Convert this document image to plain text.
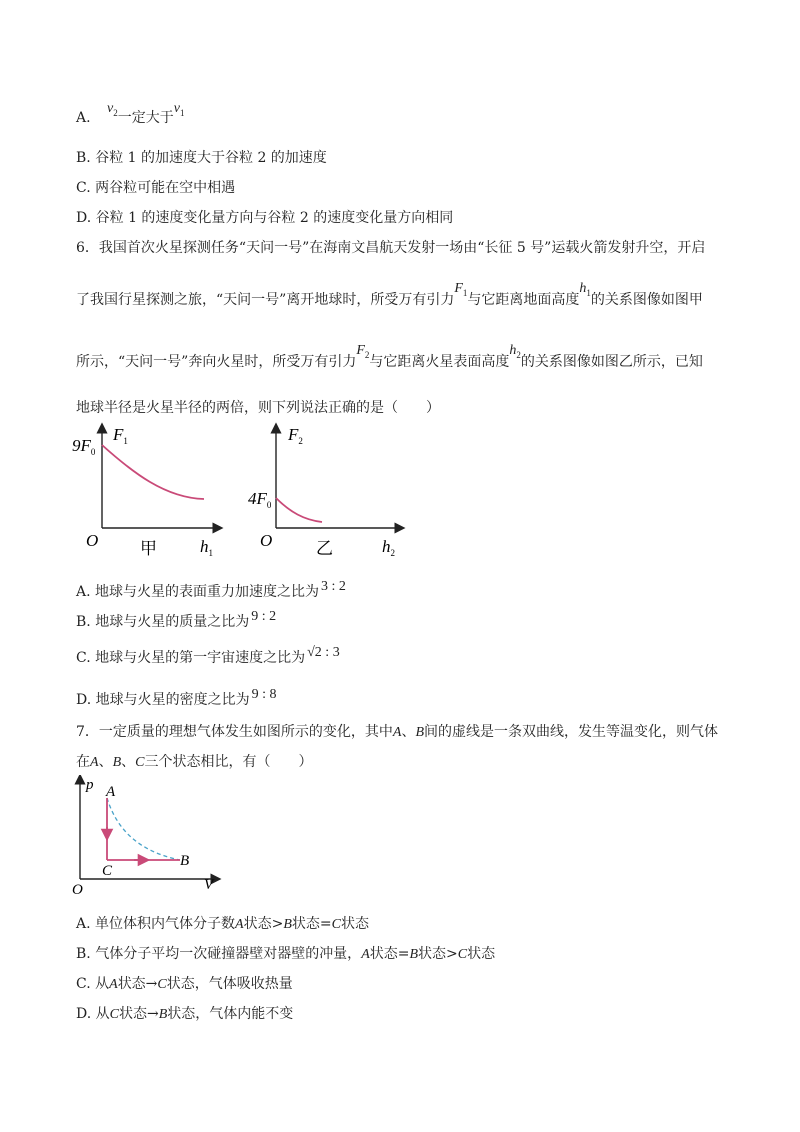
A. $v_2$一定大于$v_1$
B. 谷粒 1 的加速度大于谷粒 2 的加速度
C. 两谷粒可能在空中相遇
D. 谷粒 1 的速度变化量方向与谷粒 2 的速度变化量方向相同
6．我国首次火星探测任务“天问一号”在海南文昌航天发射一场由“长征 5 号”运载火箭发射升空，开启
了我国行星探测之旅，“天问一号”离开地球时，所受万有引力$F_1$与它距离地面高度$h_1$的关系图像如图甲
所示，“天问一号”奔向火星时，所受万有引力$F_2$与它距离火星表面高度$h_2$的关系图像如图乙所示，已知
地球半径是火星半径的两倍，则下列说法正确的是（　　）
$9F_0$
$F_1$
O	$h_1$
甲
$4F_0$
$F_2$
O	$h_2$
乙
A. 地球与火星的表面重力加速度之比为 3 : 2
B. 地球与火星的质量之比为 9 : 2
C. 地球与火星的第一宇宙速度之比为 √2 : 3
D. 地球与火星的密度之比为 9 : 8
7．一定质量的理想气体发生如图所示的变化，其中A、B间的虚线是一条双曲线，发生等温变化，则气体
在A、B、C三个状态相比，有（　　）
p A
B
C
O	V
A. 单位体积内气体分子数A状态>B状态=C状态
B. 气体分子平均一次碰撞器壁对器壁的冲量，A状态=B状态>C状态
C. 从A状态→C状态，气体吸收热量
D. 从C状态→B状态，气体内能不变
